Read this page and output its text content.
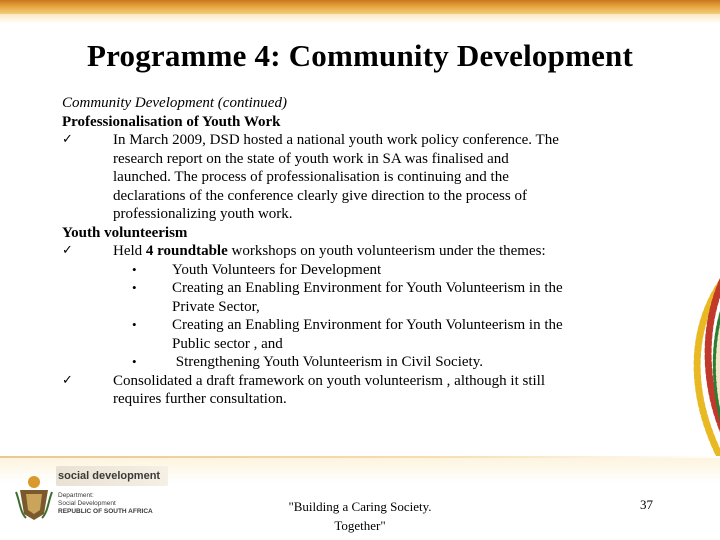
Programme 4: Community Development
Community Development (continued)
Professionalisation of Youth Work
✓	In March 2009, DSD hosted a national youth work policy conference. The
research report on the state of youth work in SA was finalised and
launched. The process of professionalisation is continuing and the
declarations of the conference clearly give direction to the process of
professionalizing youth work.
Youth volunteerism
✓	Held 4 roundtable workshops on youth volunteerism under the themes:
• Youth Volunteers for Development
• Creating an Enabling Environment for Youth Volunteerism in the
Private Sector,
• Creating an Enabling Environment for Youth Volunteerism in the
Public sector , and
• Strengthening Youth Volunteerism in Civil Society.
✓	Consolidated a draft framework on youth volunteerism , although it still
requires further consultation.
social development
Department:
Social Development
REPUBLIC OF SOUTH AFRICA	"Building a Caring Society.
Together"
37
